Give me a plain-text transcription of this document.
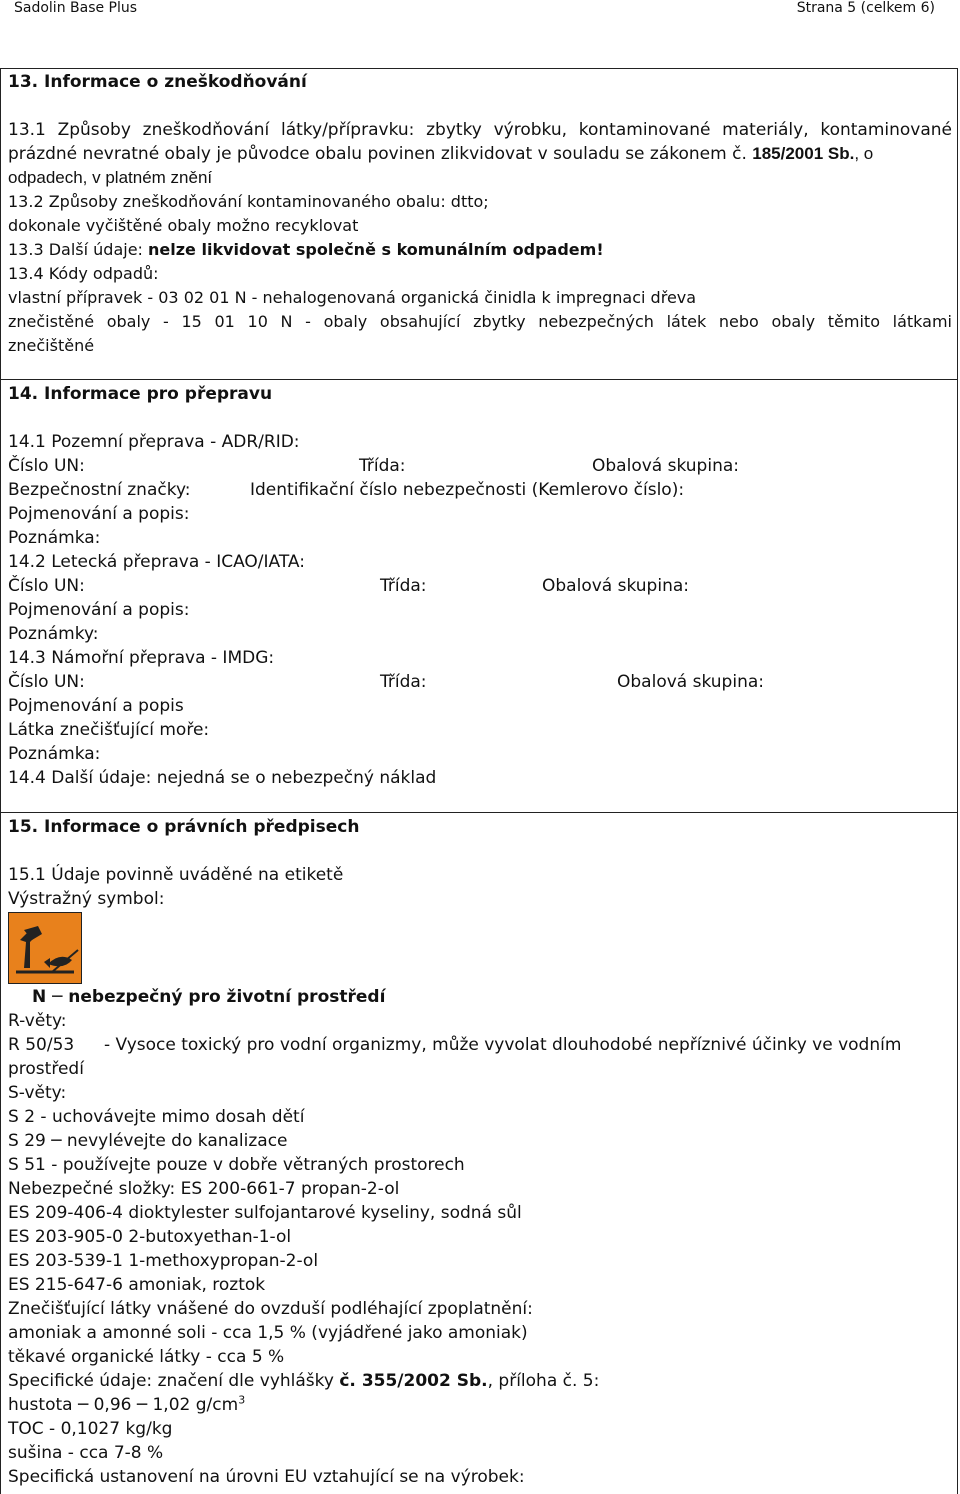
Sadolin Base Plus	Strana 5 (celkem 6)
13. Informace o zneškodňování
13.1 Způsoby zneškodňování látky/přípravku: zbytky výrobku, kontaminované materiály, kontaminované
prázdné nevratné obaly je původce obalu povinen zlikvidovat v souladu se zákonem č. 185/2001 Sb., o
odpadech, v platném znění
13.2 Způsoby zneškodňování kontaminovaného obalu: dtto;
dokonale vyčištěné obaly možno recyklovat
13.3 Další údaje: nelze likvidovat společně s komunálním odpadem!
13.4 Kódy odpadů:
vlastní přípravek - 03 02 01 N - nehalogenovaná organická činidla k impregnaci dřeva
znečistěné obaly - 15 01 10 N - obaly obsahující zbytky nebezpečných látek nebo obaly těmito látkami
znečištěné
14. Informace pro přepravu
14.1 Pozemní přeprava - ADR/RID:
Číslo UN:	Třída:	Obalová skupina:
Bezpečnostní značky:	Identifikační číslo nebezpečnosti (Kemlerovo číslo):
Pojmenování a popis:
Poznámka:
14.2 Letecká přeprava - ICAO/IATA:
Číslo UN:	Třída:	Obalová skupina:
Pojmenování a popis:
Poznámky:
14.3 Námořní přeprava - IMDG:
Číslo UN:	Třída:	Obalová skupina:
Pojmenování a popis
Látka znečišťující moře:
Poznámka:
14.4 Další údaje: nejedná se o nebezpečný náklad
15. Informace o právních předpisech
15.1 Údaje povinně uváděné na etiketě
Výstražný symbol:
N ─ nebezpečný pro životní prostředí
R-věty:
R 50/53 - Vysoce toxický pro vodní organizmy, může vyvolat dlouhodobé nepříznivé účinky ve vodním
prostředí
S-věty:
S 2 - uchovávejte mimo dosah dětí
S 29 ─ nevylévejte do kanalizace
S 51 - používejte pouze v dobře větraných prostorech
Nebezpečné složky: ES 200-661-7 propan-2-ol
ES 209-406-4 dioktylester sulfojantarové kyseliny, sodná sůl
ES 203-905-0 2-butoxyethan-1-ol
ES 203-539-1 1-methoxypropan-2-ol
ES 215-647-6 amoniak, roztok
Znečišťující látky vnášené do ovzduší podléhající zpoplatnění:
amoniak a amonné soli - cca 1,5 % (vyjádřené jako amoniak)
těkavé organické látky - cca 5 %
Specifické údaje: značení dle vyhlášky č. 355/2002 Sb., příloha č. 5:
hustota ─ 0,96 ─ 1,02 $g/cm^3$
TOC - 0,1027 kg/kg
sušina - cca 7-8 %
Specifická ustanovení na úrovni EU vztahující se na výrobek:
